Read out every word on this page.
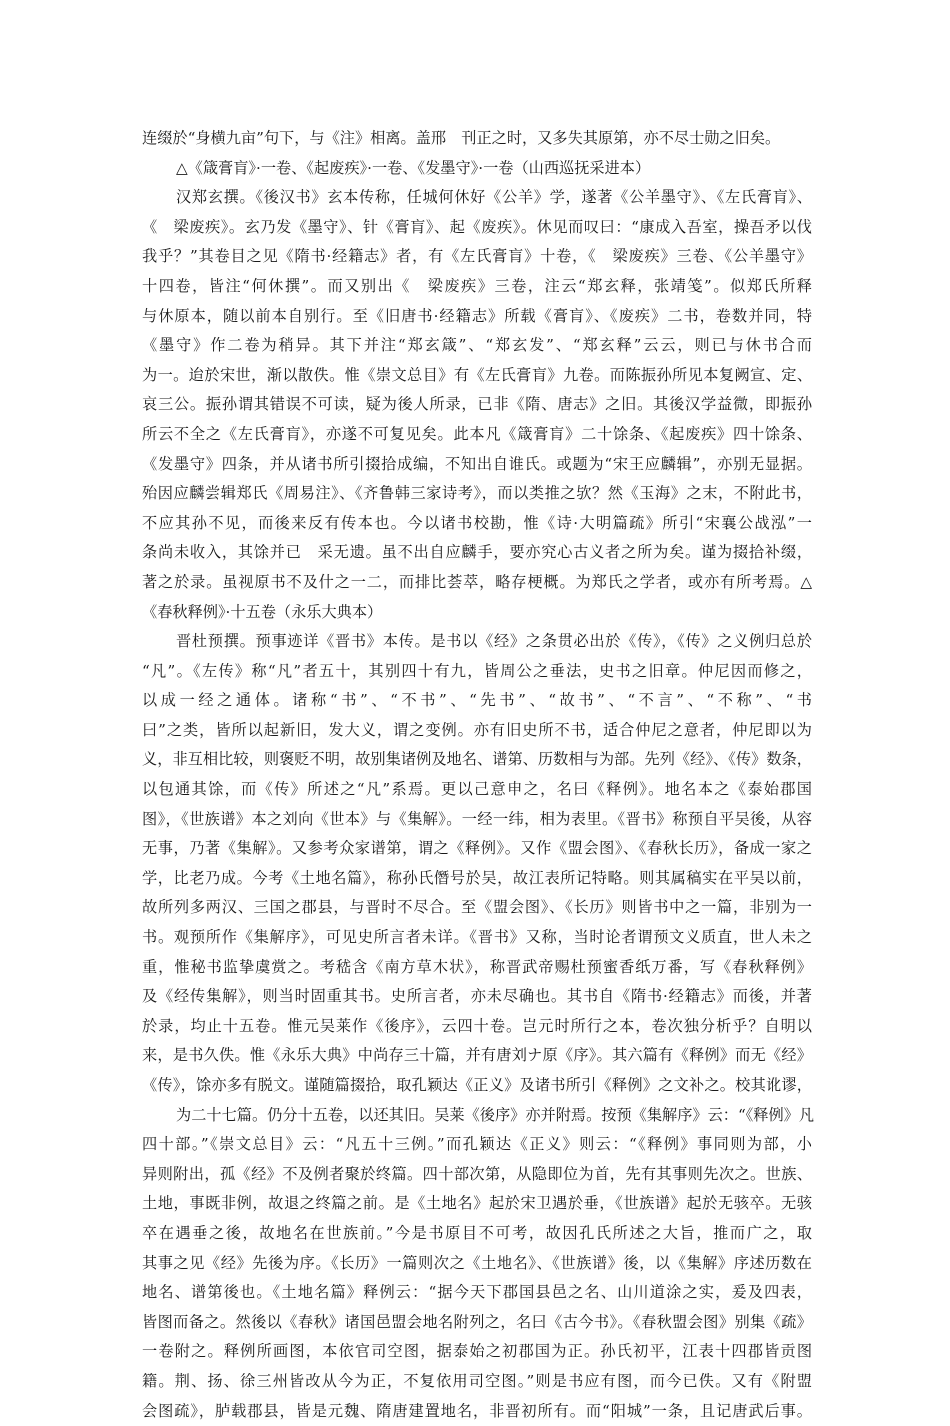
连缀於“身横九亩”句下，与《注》相离。盖邢　刊正之时，又多失其原第，亦不尽士勋之旧矣。
△《箴膏肓》·一卷、《起废疾》·一卷、《发墨守》·一卷（山西巡抚采进本）
汉郑玄撰。《後汉书》玄本传称，任城何休好《公羊》学，遂著《公羊墨守》、《左氏膏肓》、
《　梁废疾》。玄乃发《墨守》、针《膏肓》、起《废疾》。休见而叹曰：“康成入吾室，操吾矛以伐
我乎？”其卷目之见《隋书·经籍志》者，有《左氏膏肓》十卷，《　梁废疾》三卷、《公羊墨守》
十四卷，皆注“何休撰”。而又别出《　梁废疾》三卷，注云“郑玄释，张靖笺”。似郑氏所释
与休原本，随以前本自别行。至《旧唐书·经籍志》所载《膏肓》、《废疾》二书，卷数并同，特
《墨守》作二卷为稍异。其下并注“郑玄箴”、“郑玄发”、“郑玄释”云云，则已与休书合而
为一。迨於宋世，渐以散佚。惟《崇文总目》有《左氏膏肓》九卷。而陈振孙所见本复阙宣、定、
哀三公。振孙谓其错误不可读，疑为後人所录，已非《隋、唐志》之旧。其後汉学益微，即振孙
所云不全之《左氏膏肓》，亦遂不可复见矣。此本凡《箴膏肓》二十馀条、《起废疾》四十馀条、
《发墨守》四条，并从诸书所引掇拾成编，不知出自谁氏。或题为“宋王应麟辑”，亦别无显据。
殆因应麟尝辑郑氏《周易注》、《齐鲁韩三家诗考》，而以类推之欤？然《玉海》之末，不附此书，
不应其孙不见，而後来反有传本也。今以诸书校勘，惟《诗·大明篇疏》所引“宋襄公战泓”一
条尚未收入，其馀并已　采无遗。虽不出自应麟手，要亦究心古义者之所为矣。谨为掇拾补缀，
著之於录。虽视原书不及什之一二，而排比荟萃，略存梗概。为郑氏之学者，或亦有所考焉。△
《春秋释例》·十五卷（永乐大典本）
晋杜预撰。预事迹详《晋书》本传。是书以《经》之条贯必出於《传》，《传》之义例归总於
“凡”。《左传》称“凡”者五十，其别四十有九，皆周公之垂法，史书之旧章。仲尼因而修之，
以成一经之通体。诸称“书”、“不书”、“先书”、“故书”、“不言”、“不称”、“书
曰”之类，皆所以起新旧，发大义，谓之变例。亦有旧史所不书，适合仲尼之意者，仲尼即以为
义，非互相比较，则褒贬不明，故别集诸例及地名、谱第、历数相与为部。先列《经》、《传》数条，
以包通其馀，而《传》所述之“凡”系焉。更以己意申之，名曰《释例》。地名本之《泰始郡国
图》，《世族谱》本之刘向《世本》与《集解》。一经一纬，相为表里。《晋书》称预自平吴後，从容
无事，乃著《集解》。又参考众家谱第，谓之《释例》。又作《盟会图》、《春秋长历》，备成一家之
学，比老乃成。今考《土地名篇》，称孙氏僭号於吴，故江表所记特略。则其属稿实在平吴以前，
故所列多两汉、三国之郡县，与晋时不尽合。至《盟会图》、《长历》则皆书中之一篇，非别为一
书。观预所作《集解序》，可见史所言者未详。《晋书》又称，当时论者谓预文义质直，世人未之
重，惟秘书监挚虞赏之。考嵇含《南方草木状》，称晋武帝赐杜预蜜香纸万番，写《春秋释例》
及《经传集解》，则当时固重其书。史所言者，亦未尽确也。其书自《隋书·经籍志》而後，并著
於录，均止十五卷。惟元吴莱作《後序》，云四十卷。岂元时所行之本，卷次独分析乎？自明以
来，是书久佚。惟《永乐大典》中尚存三十篇，并有唐刘ナ原《序》。其六篇有《释例》而无《经》
《传》，馀亦多有脱文。谨随篇掇拾，取孔颖达《正义》及诸书所引《释例》之文补之。校其讹谬，
为二十七篇。仍分十五卷，以还其旧。吴莱《後序》亦并附焉。按预《集解序》云：“《释例》凡
四十部。”《崇文总目》云：“凡五十三例。”而孔颖达《正义》则云：“《释例》事同则为部，小
异则附出，孤《经》不及例者聚於终篇。四十部次第，从隐即位为首，先有其事则先次之。世族、
土地，事既非例，故退之终篇之前。是《土地名》起於宋卫遇於垂，《世族谱》起於无骇卒。无骇
卒在遇垂之後，故地名在世族前。”今是书原目不可考，故因孔氏所述之大旨，推而广之，取
其事之见《经》先後为序。《长历》一篇则次之《土地名》、《世族谱》後，以《集解》序述历数在
地名、谱第後也。《土地名篇》释例云：“据今天下郡国县邑之名、山川道涂之实，爰及四表，
皆图而备之。然後以《春秋》诸国邑盟会地名附列之，名曰《古今书》。《春秋盟会图》别集《疏》
一卷附之。释例所画图，本依官司空图，据泰始之初郡国为正。孙氏初平，江表十四郡皆贡图
籍。荆、扬、徐三州皆改从今为正，不复依用司空图。”则是书应有图，而今已佚。又有《附盟
会图疏》，胪载郡县，皆是元魏、隋唐建置地名，非晋初所有。而“阳城”一条，且记唐武后事。
